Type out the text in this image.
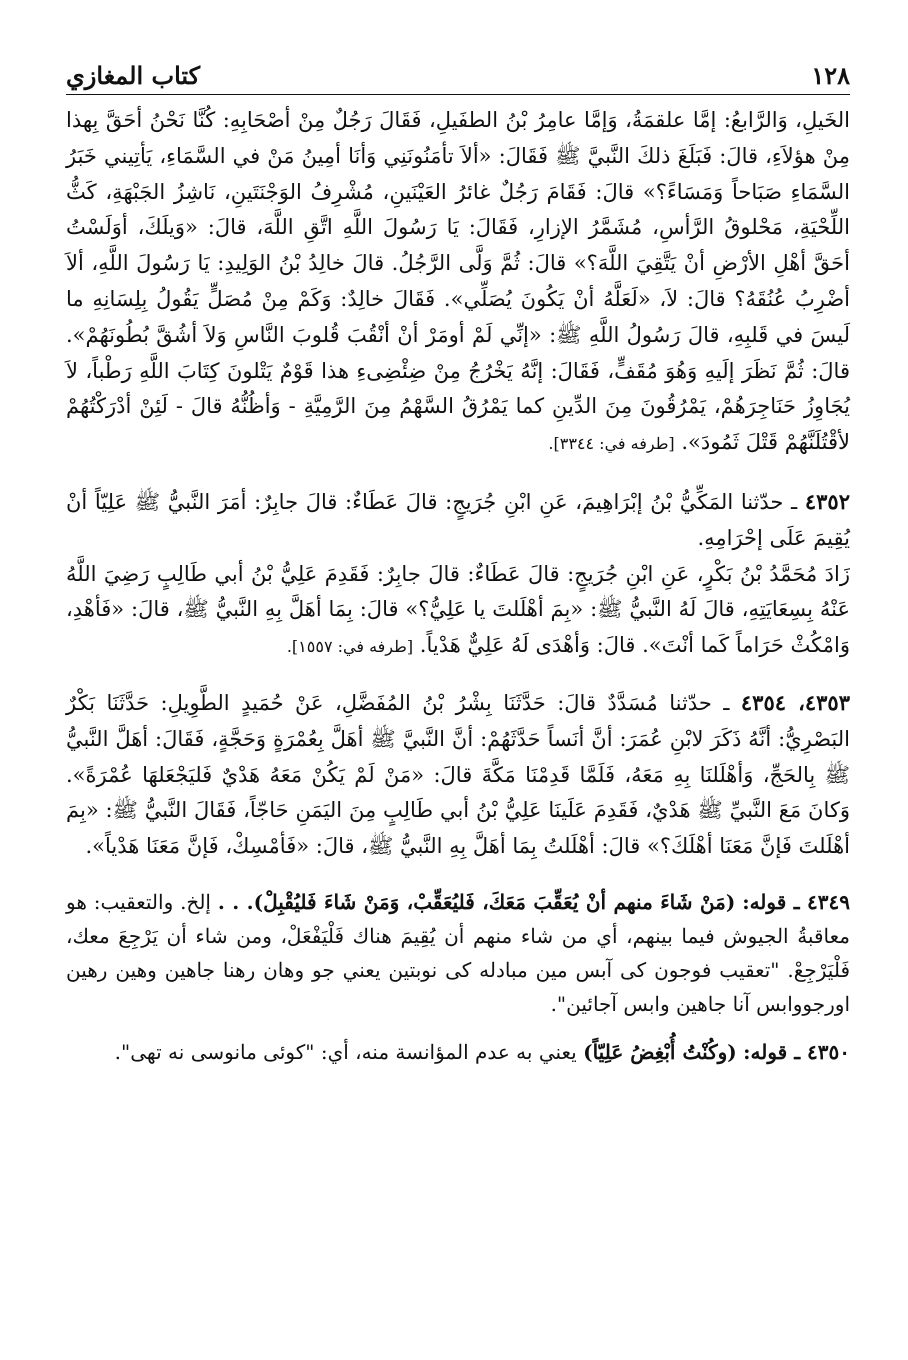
١٢٨
كتاب المغازي
الخَيلِ، وَالرَّابعُ: إمَّا علقمَةُ، وَإمَّا عامِرُ بْنُ الطفَيلِ، فَقَالَ رَجُلٌ مِنْ أصْحَابِهِ: كُنَّا نَحْنُ أحَقَّ بِهذا مِنْ هؤلاَءِ، قالَ: فَبَلَغَ ذلكَ النَّبيَّ ﷺ فَقَالَ: «ألاَ تأمَنُونَنِي وَأنَا أمِينُ مَنْ في السَّمَاءِ، يَأتِيني خَبَرُ السَّمَاءِ صَبَاحاً وَمَسَاءً؟» قالَ: فَقَامَ رَجُلٌ غائرُ العَيْنَينِ، مُشْرِفُ الوَجْنَتَينِ، نَاشِزُ الجَبْهَةِ، كَثُّ اللِّحْيَةِ، مَحْلوقُ الرَّأسِ، مُشَمَّرُ الإزارِ، فَقَالَ: يَا رَسُولَ اللَّهِ اتَّقِ اللَّهَ، قالَ: «وَيلَكَ، أوَلَسْتُ أحَقَّ أهْلِ الأرْضِ أنْ يَتَّقِيَ اللَّهَ؟» قالَ: ثُمَّ وَلَّى الرَّجُلُ. قالَ خالِدُ بْنُ الوَلِيدِ: يَا رَسُولَ اللَّهِ، ألاَ أضْرِبُ عُنُقَهُ؟ قالَ: لاَ، «لَعَلَّهُ أنْ يَكُونَ يُصَلِّي». فَقَالَ خالِدٌ: وَكَمْ مِنْ مُصَلٍّ يَقُولُ بِلِسَانِهِ ما لَيسَ في قَلبِهِ، قالَ رَسُولُ اللَّهِ ﷺ: «إنِّي لَمْ أومَرْ أنْ أنْقُبَ قُلوبَ النَّاسِ وَلاَ أشُقَّ بُطُونَهُمْ». قالَ: ثُمَّ نَظَرَ إلَيهِ وَهُوَ مُقَفٍّ، فَقَالَ: إنَّهُ يَخْرُجُ مِنْ ضِئْضِىءِ هذا قَوْمٌ يَتْلونَ كِتَابَ اللَّهِ رَطْباً، لاَ يُجَاوِزُ حَنَاجِرَهُمْ، يَمْرُقُونَ مِنَ الدِّينِ كما يَمْرُقُ السَّهْمُ مِنَ الرَّمِيَّةِ - وَأظُنُّهُ قالَ - لَئِنْ أدْرَكْتُهُمْ لأقْتُلَنَّهُمْ قَتْلَ ثَمُودَ». [طرفه في: ٣٣٤٤].

٤٣٥٢ ـ حدّثنا المَكِّيُّ بْنُ إبْرَاهِيمَ، عَنِ ابْنِ جُرَيجٍ: قالَ عَطَاءٌ: قالَ جابِرٌ: أمَرَ النَّبيُّ ﷺ عَلِيّاً أنْ يُقِيمَ عَلَى إحْرَامِهِ.

زَادَ مُحَمَّدُ بْنُ بَكْرٍ، عَنِ ابْنِ جُرَيجٍ: قالَ عَطَاءٌ: قالَ جابِرٌ: فَقَدِمَ عَلِيُّ بْنُ أبي طَالِبٍ رَضِيَ اللَّهُ عَنْهُ بِسِعَايَتِهِ، قالَ لَهُ النَّبيُّ ﷺ: «بِمَ أهْلَلتَ يا عَلِيُّ؟» قالَ: بِمَا أهَلَّ بِهِ النَّبيُّ ﷺ، قالَ: «فَأهْدِ، وَامْكُثْ حَرَاماً كَما أنْتَ». قالَ: وَأهْدَى لَهُ عَلِيٌّ هَدْياً. [طرفه في: ١٥٥٧].

٤٣٥٣، ٤٣٥٤ ـ حدّثنا مُسَدَّدٌ قالَ: حَدَّثَنَا بِشْرُ بْنُ المُفَضَّلِ، عَنْ حُمَيدٍ الطَّوِيلِ: حَدَّثَنَا بَكْرٌ البَصْرِيُّ: أنَّهُ ذَكَرَ لابْنِ عُمَرَ: أنَّ أنَساً حَدَّثَهُمْ: أنَّ النَّبيَّ ﷺ أهَلَّ بِعُمْرَةٍ وَحَجَّةٍ، فَقَالَ: أهَلَّ النَّبيُّ ﷺ بِالحَجِّ، وَأهْلَلنَا بِهِ مَعَهُ، فَلَمَّا قَدِمْنَا مَكَّةَ قالَ: «مَنْ لَمْ يَكُنْ مَعَهُ هَدْيٌ فَليَجْعَلهَا عُمْرَةً». وَكانَ مَعَ النَّبيِّ ﷺ هَدْيٌ، فَقَدِمَ عَلَينَا عَلِيُّ بْنُ أبي طَالِبٍ مِنَ اليَمَنِ حَاجّاً، فَقَالَ النَّبيُّ ﷺ: «بِمَ أهْلَلتَ فَإنَّ مَعَنَا أهْلَكَ؟» قالَ: أهْلَلتُ بِمَا أهَلَّ بِهِ النَّبيُّ ﷺ، قالَ: «فَأمْسِكْ، فَإنَّ مَعَنَا هَدْياً».

٤٣٤٩ ـ قوله: (مَنْ شَاءَ منهم أنْ يُعَقِّبَ مَعَكَ، فَليُعَقِّبْ، وَمَنْ شَاءَ فَليُقْبِلْ). . . إلخ. والتعقيب: هو معاقبةُ الجيوش فيما بينهم، أي من شاء منهم أن يُقِيمَ هناك فَلْيَفْعَلْ، ومن شاء أن يَرْجِعَ معك، فَلْيَرْجِعْ. "تعقيب فوجون كى آبس مين مبادله كى نوبتين يعني جو وهان رهنا جاهين وهين رهين اورجووابس آنا جاهين وابس آجائين".
٤٣٥٠ ـ قوله: (وكُنْتُ أُبْغِضُ عَلِيّاً) يعني به عدم المؤانسة منه، أي: "كوئى مانوسى نه تهى".
